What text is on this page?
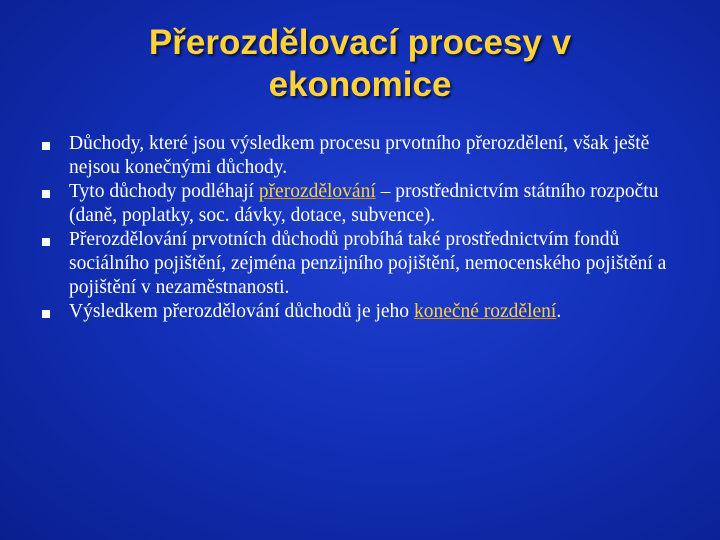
Přerozdělovací procesy v
ekonomice
Důchody, které jsou výsledkem procesu prvotního přerozdělení, však ještě nejsou konečnými důchody.
Tyto důchody podléhají přerozdělování – prostřednictvím státního rozpočtu (daně, poplatky, soc. dávky, dotace, subvence).
Přerozdělování prvotních důchodů probíhá také prostřednictvím fondů sociálního pojištění, zejména penzijního pojištění, nemocenského pojištění a pojištění v nezaměstnanosti.
Výsledkem přerozdělování důchodů je jeho konečné rozdělení.
